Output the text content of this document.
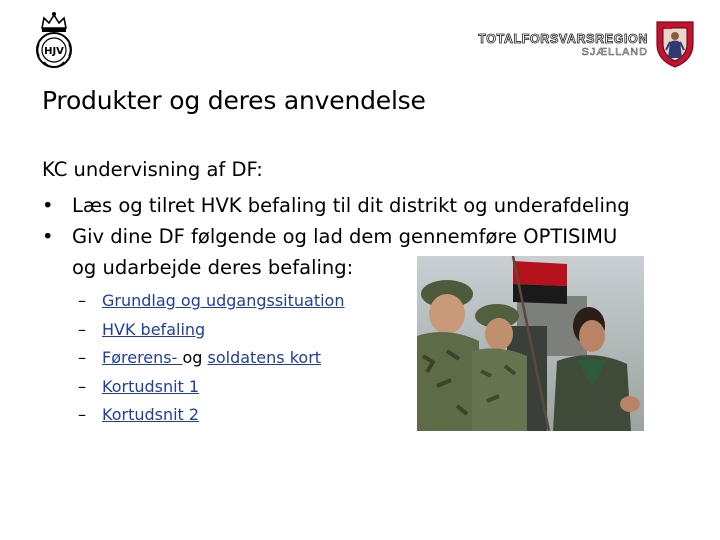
HJV
TOTALFORSVARSREGION
SJÆLLAND
Produkter og deres anvendelse
KC undervisning af DF:
• Læs og tilret HVK befaling til dit distrikt og underafdeling
• Giv dine DF følgende og lad dem gennemføre OPTISIMU
og udarbejde deres befaling:
– Grundlag og udgangssituation
– HVK befaling
– Førerens- og soldatens kort
– Kortudsnit 1
– Kortudsnit 2
